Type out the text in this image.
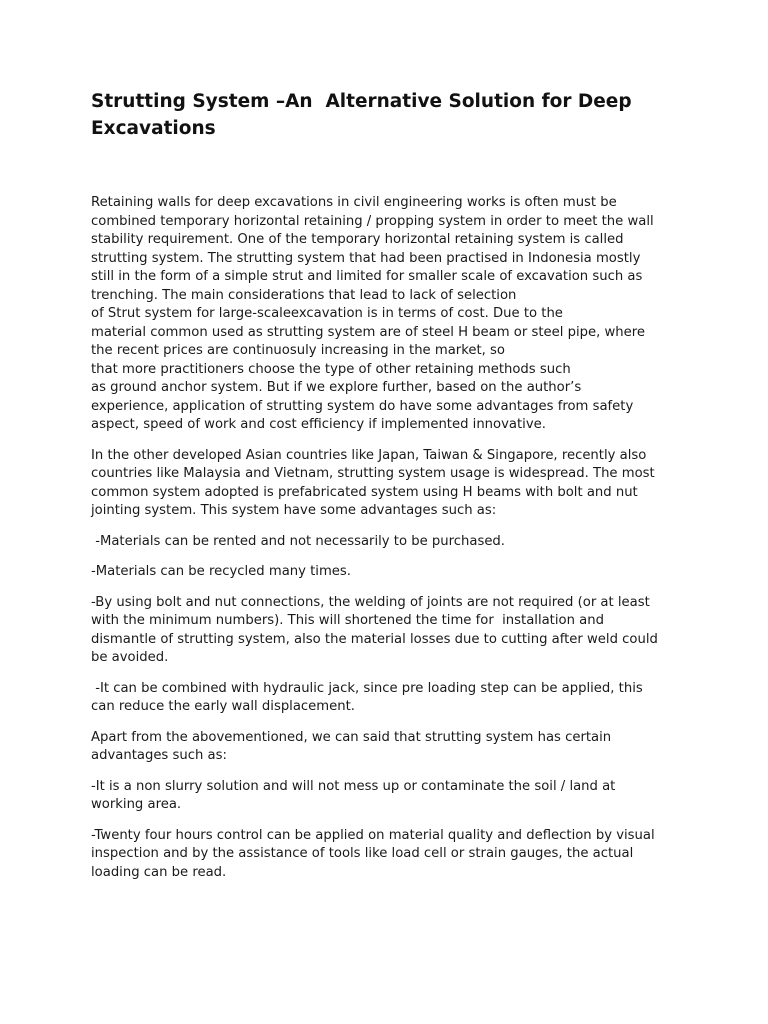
Strutting System –An  Alternative Solution for Deep
Excavations

Retaining walls for deep excavations in civil engineering works is often must be
combined temporary horizontal retaining / propping system in order to meet the wall
stability requirement. One of the temporary horizontal retaining system is called
strutting system. The strutting system that had been practised in Indonesia mostly
still in the form of a simple strut and limited for smaller scale of excavation such as
trenching. The main considerations that lead to lack of selection
of Strut system for large-scaleexcavation is in terms of cost. Due to the
material common used as strutting system are of steel H beam or steel pipe, where
the recent prices are continuosuly increasing in the market, so
that more practitioners choose the type of other retaining methods such
as ground anchor system. But if we explore further, based on the author’s
experience, application of strutting system do have some advantages from safety
aspect, speed of work and cost efficiency if implemented innovative.

In the other developed Asian countries like Japan, Taiwan & Singapore, recently also
countries like Malaysia and Vietnam, strutting system usage is widespread. The most
common system adopted is prefabricated system using H beams with bolt and nut
jointing system. This system have some advantages such as:

-Materials can be rented and not necessarily to be purchased.

-Materials can be recycled many times.

-By using bolt and nut connections, the welding of joints are not required (or at least
with the minimum numbers). This will shortened the time for  installation and
dismantle of strutting system, also the material losses due to cutting after weld could
be avoided.

-It can be combined with hydraulic jack, since pre loading step can be applied, this
can reduce the early wall displacement.

Apart from the abovementioned, we can said that strutting system has certain
advantages such as:

-It is a non slurry solution and will not mess up or contaminate the soil / land at
working area.

-Twenty four hours control can be applied on material quality and deflection by visual
inspection and by the assistance of tools like load cell or strain gauges, the actual
loading can be read.
